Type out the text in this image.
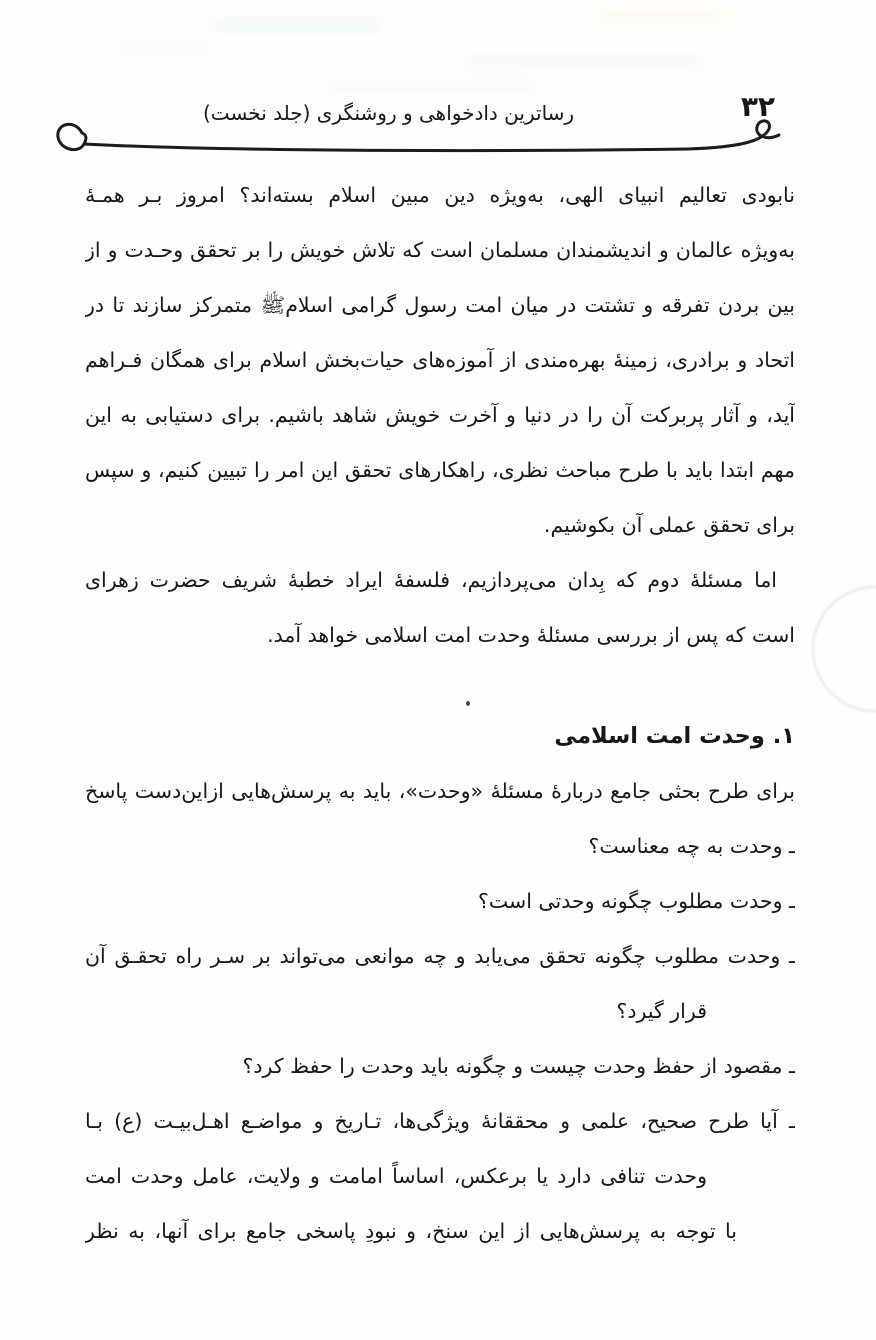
۳۲
رساترین دادخواهی و روشنگری (جلد نخست)
نابودی تعالیم انبیای الهی، به‌ویژه دین مبین اسلام بسته‌اند؟ امروز بـر همـهٔ
به‌ویژه عالمان و اندیشمندان مسلمان است که تلاش خویش را بر تحقق وحـدت و از
بین بردن تفرقه و تشتت در میان امت رسول گرامی اسلام‌ﷺ متمرکز سازند تا در
اتحاد و برادری، زمینهٔ بهره‌مندی از آموزه‌های حیات‌بخش اسلام برای همگان فـراهم
آید، و آثار پربرکت آن را در دنیا و آخرت خویش شاهد باشیم. برای دستیابی به این
مهم ابتدا باید با طرح مباحث نظری، راهکارهای تحقق این امر را تبیین کنیم، و سپس
برای تحقق عملی آن بکوشیم.
اما مسئلهٔ دوم که بِدان می‌پردازیم، فلسفهٔ ایراد خطبهٔ شریف حضرت زهرای
است که پس از بررسی مسئلهٔ وحدت امت اسلامی خواهد آمد.
۱. وحدت امت اسلامی
برای طرح بحثی جامع دربارهٔ مسئلهٔ «وحدت»، باید به پرسش‌هایی ازاین‌دست پاسخ
ـ وحدت به چه معناست؟
ـ وحدت مطلوب چگونه وحدتی است؟
ـ وحدت مطلوب چگونه تحقق می‌یابد و چه موانعی می‌تواند بر سـر راه تحقـق آن
قرار گیرد؟
ـ مقصود از حفظ وحدت چیست و چگونه باید وحدت را حفظ کرد؟
ـ آیا طرح صحیح، علمی و محققانهٔ ویژگی‌ها، تـاریخ و مواضـع اهـل‌بیـت (ع) بـا
وحدت تنافی دارد یا برعکس، اساساً امامت و ولایت، عامل وحدت امت
با توجه به پرسش‌هایی از این سنخ، و نبودِ پاسخی جامع برای آنها، به نظر
